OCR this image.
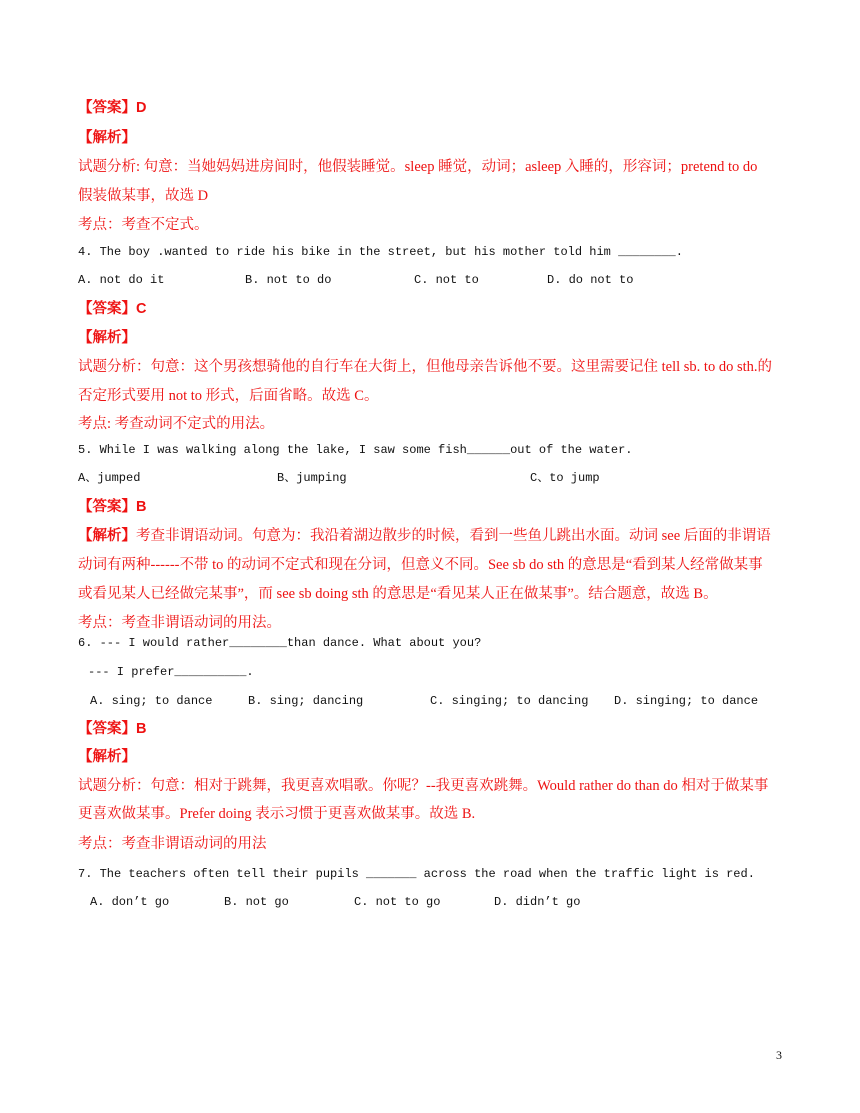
【答案】D
【解析】
试题分析: 句意：当她妈妈进房间时，他假装睡觉。sleep 睡觉，动词；asleep 入睡的，形容词；pretend to do
假装做某事，故选 D
考点：考查不定式。
4. The boy .wanted to ride his bike in the street, but his mother told him ________.
A. not do it	B. not to do	C. not to	D. do not to
【答案】C
【解析】
试题分析：句意：这个男孩想骑他的自行车在大街上，但他母亲告诉他不要。这里需要记住 tell sb. to do sth.的
否定形式要用 not to 形式，后面省略。故选 C。
考点: 考查动词不定式的用法。
5. While I was walking along the lake, I saw some fish______out of the water.
A、jumped	B、jumping	C、to jump
【答案】B
【解析】考查非谓语动词。句意为：我沿着湖边散步的时候，看到一些鱼儿跳出水面。动词 see 后面的非谓语
动词有两种------不带 to 的动词不定式和现在分词，但意义不同。See sb do sth 的意思是“看到某人经常做某事
或看见某人已经做完某事”，而 see sb doing sth 的意思是“看见某人正在做某事”。结合题意，故选 B。
考点：考查非谓语动词的用法。
6. --- I would rather________than dance. What about you?
--- I prefer__________.
A. sing; to dance	B. sing; dancing	C. singing; to dancing D. singing; to dance
【答案】B
【解析】
试题分析：句意：相对于跳舞，我更喜欢唱歌。你呢？--我更喜欢跳舞。Would rather do than do 相对于做某事
更喜欢做某事。Prefer doing 表示习惯于更喜欢做某事。故选 B.
考点：考查非谓语动词的用法
7. The teachers often tell their pupils _______ across the road when the traffic light is red.
A. don’t go	B. not go	C. not to go	D. didn’t go
3
